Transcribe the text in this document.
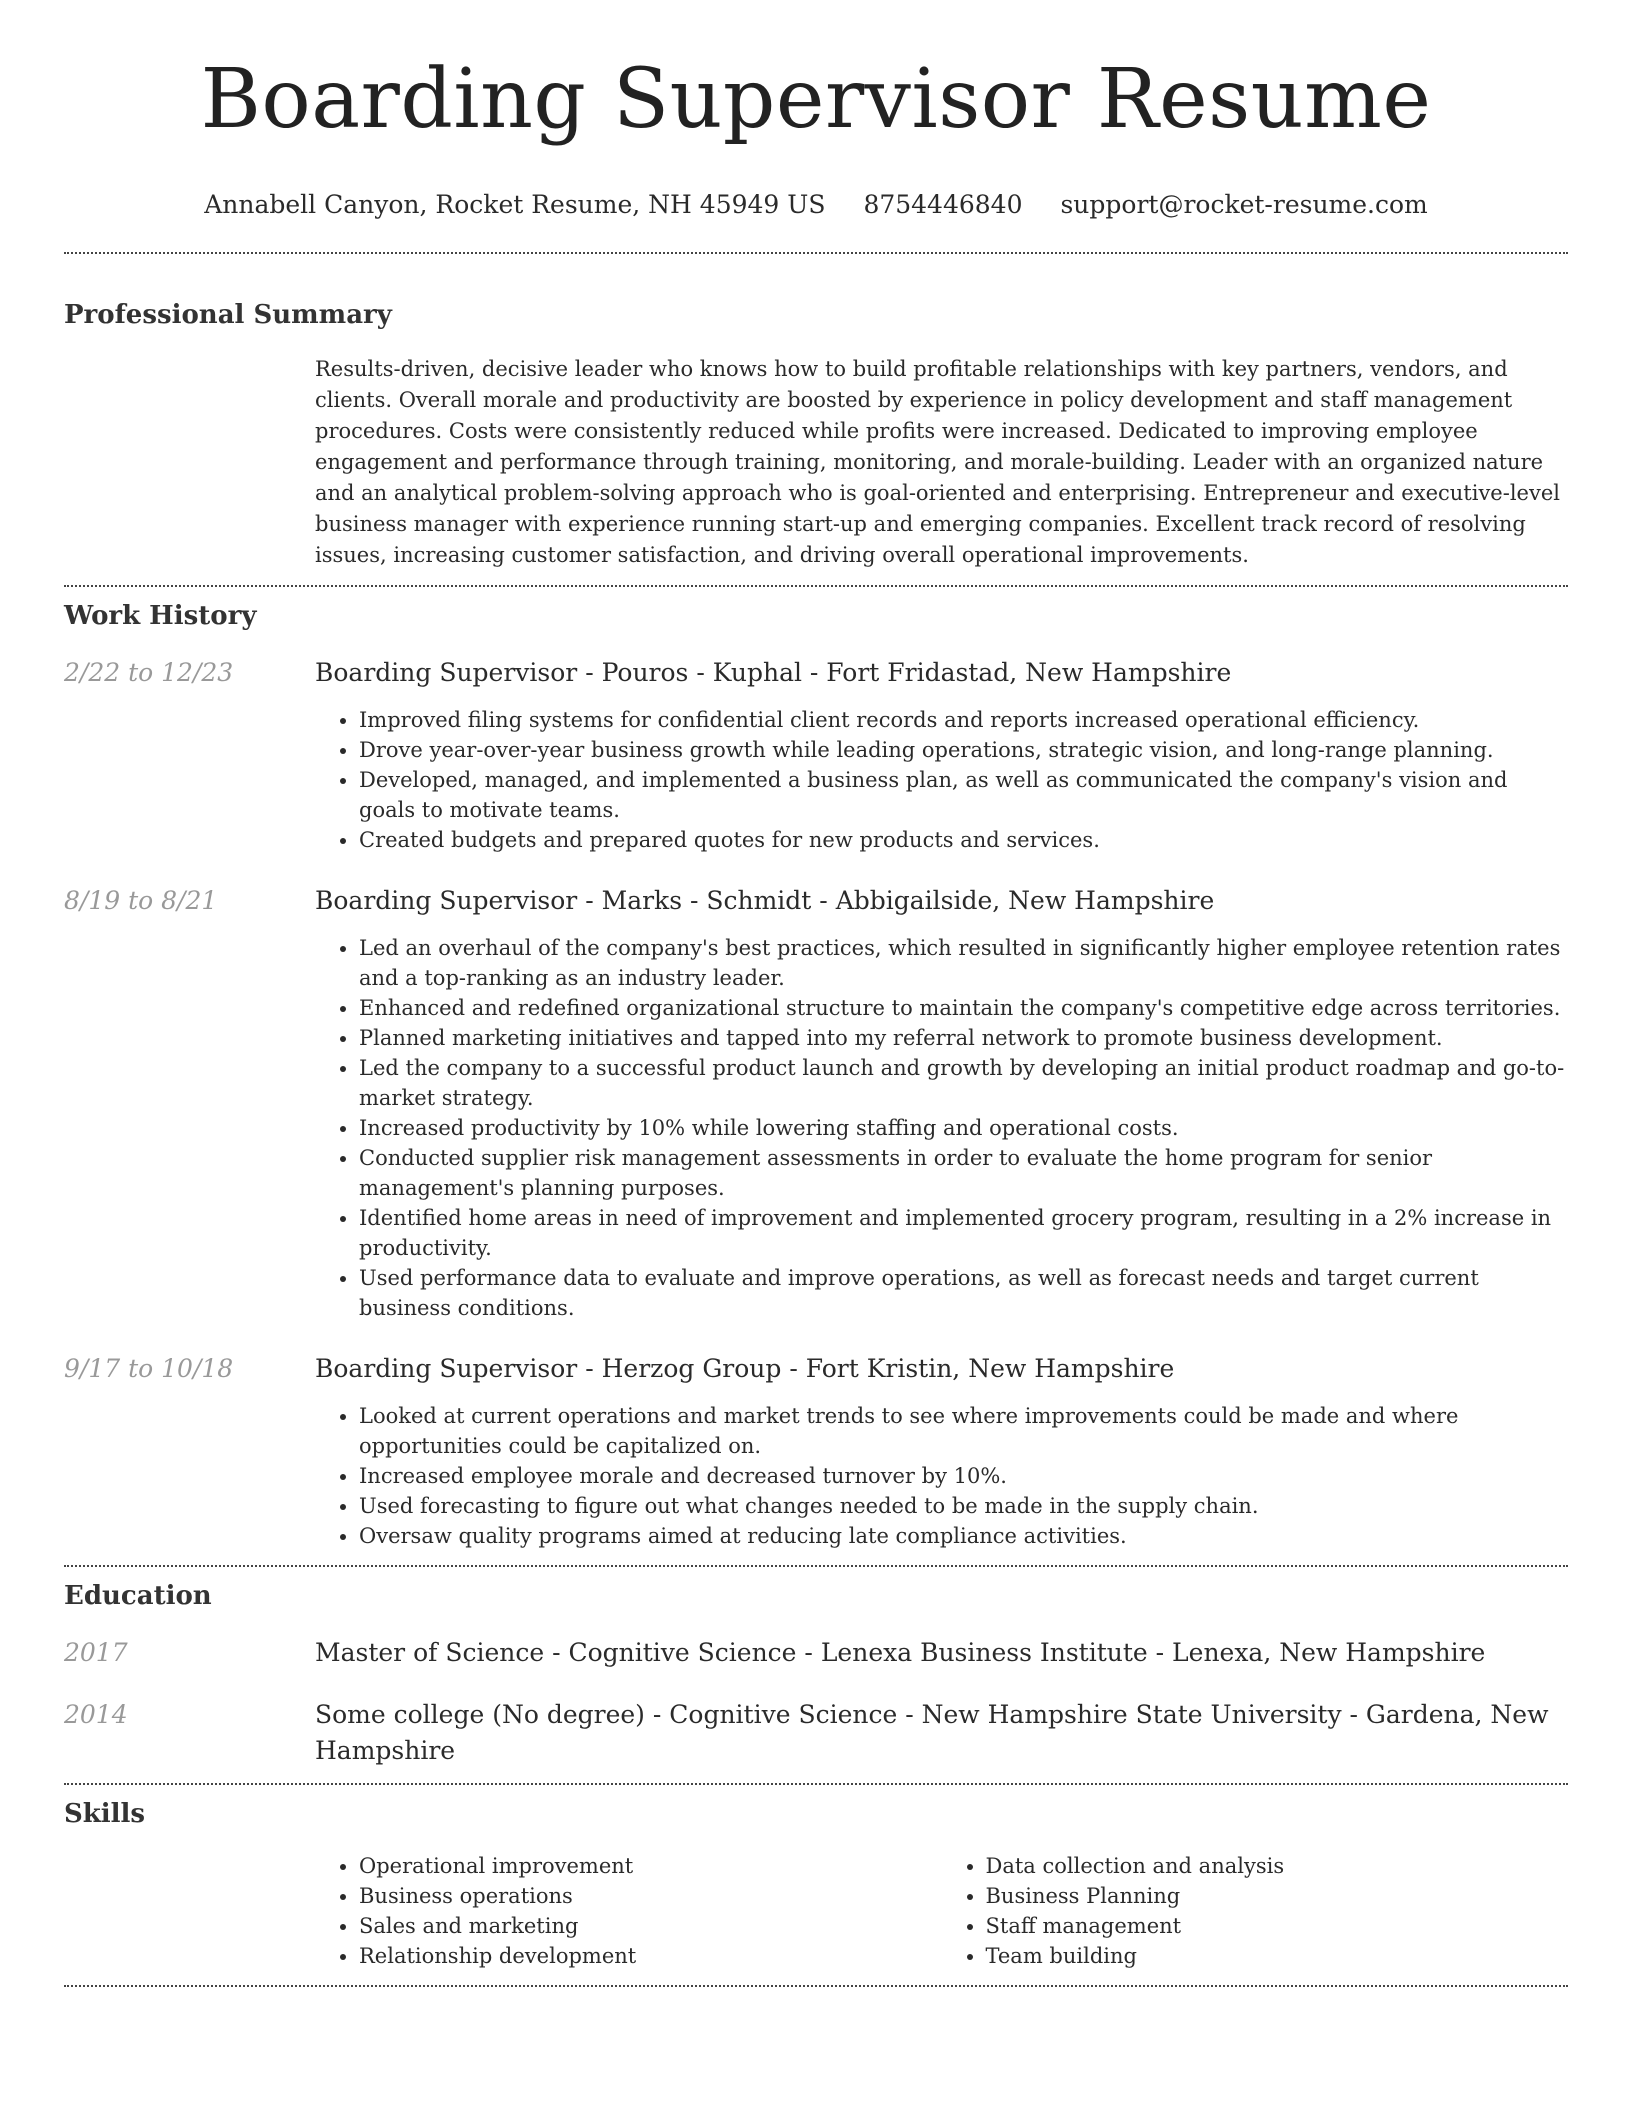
Boarding Supervisor Resume
Annabell Canyon, Rocket Resume, NH 45949 US 8754446840 support@rocket-resume.com
Professional Summary
Results-driven, decisive leader who knows how to build profitable relationships with key partners, vendors, and clients. Overall morale and productivity are boosted by experience in policy development and staff management procedures. Costs were consistently reduced while profits were increased. Dedicated to improving employee engagement and performance through training, monitoring, and morale-building. Leader with an organized nature and an analytical problem-solving approach who is goal-oriented and enterprising. Entrepreneur and executive-level business manager with experience running start-up and emerging companies. Excellent track record of resolving issues, increasing customer satisfaction, and driving overall operational improvements.
Work History
2/22 to 12/23	Boarding Supervisor - Pouros - Kuphal - Fort Fridastad, New Hampshire
• Improved filing systems for confidential client records and reports increased operational efficiency.
• Drove year-over-year business growth while leading operations, strategic vision, and long-range planning.
• Developed, managed, and implemented a business plan, as well as communicated the company's vision and goals to motivate teams.
• Created budgets and prepared quotes for new products and services.
8/19 to 8/21	Boarding Supervisor - Marks - Schmidt - Abbigailside, New Hampshire
• Led an overhaul of the company's best practices, which resulted in significantly higher employee retention rates and a top-ranking as an industry leader.
• Enhanced and redefined organizational structure to maintain the company's competitive edge across territories.
• Planned marketing initiatives and tapped into my referral network to promote business development.
• Led the company to a successful product launch and growth by developing an initial product roadmap and go-to-market strategy.
• Increased productivity by 10% while lowering staffing and operational costs.
• Conducted supplier risk management assessments in order to evaluate the home program for senior management's planning purposes.
• Identified home areas in need of improvement and implemented grocery program, resulting in a 2% increase in productivity.
• Used performance data to evaluate and improve operations, as well as forecast needs and target current business conditions.
9/17 to 10/18	Boarding Supervisor - Herzog Group - Fort Kristin, New Hampshire
• Looked at current operations and market trends to see where improvements could be made and where opportunities could be capitalized on.
• Increased employee morale and decreased turnover by 10%.
• Used forecasting to figure out what changes needed to be made in the supply chain.
• Oversaw quality programs aimed at reducing late compliance activities.
Education
2017	Master of Science - Cognitive Science - Lenexa Business Institute - Lenexa, New Hampshire
2014	Some college (No degree) - Cognitive Science - New Hampshire State University - Gardena, New Hampshire
Skills
• Operational improvement
• Business operations
• Sales and marketing
• Relationship development
• Data collection and analysis
• Business Planning
• Staff management
• Team building
